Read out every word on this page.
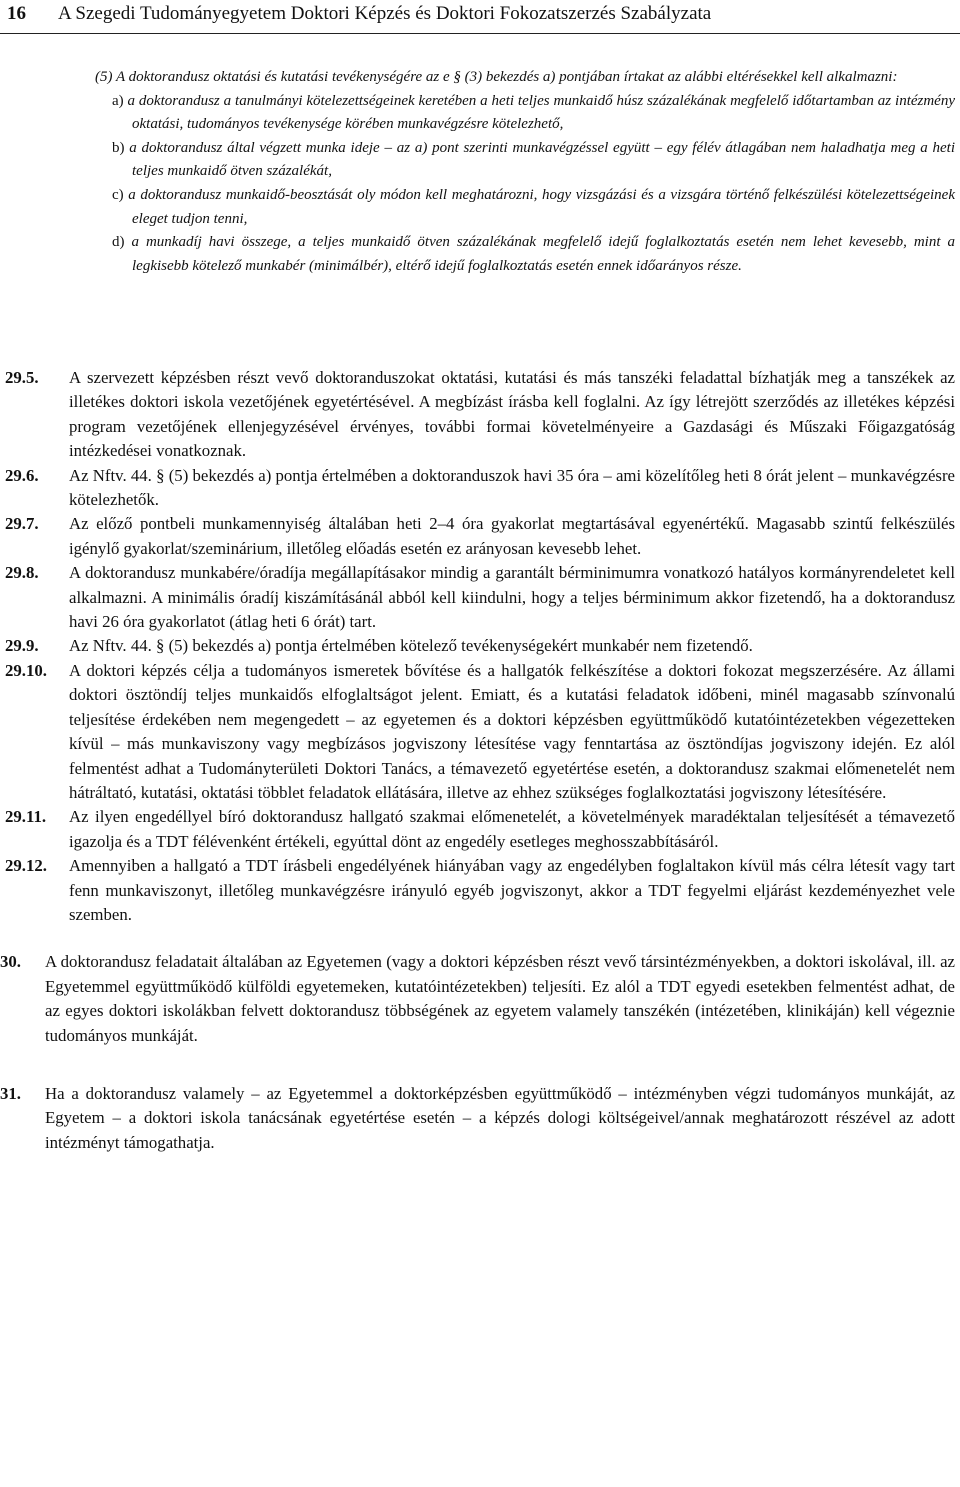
16 A Szegedi Tudományegyetem Doktori Képzés és Doktori Fokozatszerzés Szabályzata

(5) A doktorandusz oktatási és kutatási tevékenységére az e § (3) bekezdés a) pontjában írtakat az alábbi eltérésekkel kell alkalmazni:

a) a doktorandusz a tanulmányi kötelezettségeinek keretében a heti teljes munkaidő húsz százalékának megfelelő időtartamban az intézmény oktatási, tudományos tevékenysége körében munkavégzésre kötelezhető,

b) a doktorandusz által végzett munka ideje – az a) pont szerinti munkavégzéssel együtt – egy félév átlagában nem haladhatja meg a heti teljes munkaidő ötven százalékát,

c) a doktorandusz munkaidő-beosztását oly módon kell meghatározni, hogy vizsgázási és a vizsgára történő felkészülési kötelezettségeinek eleget tudjon tenni,

d) a munkadíj havi összege, a teljes munkaidő ötven százalékának megfelelő idejű foglalkoztatás esetén nem lehet kevesebb, mint a legkisebb kötelező munkabér (minimálbér), eltérő idejű foglalkoztatás esetén ennek időarányos része.

29.5. A szervezett képzésben részt vevő doktoranduszokat oktatási, kutatási és más tanszéki feladattal bízhatják meg a tanszékek az illetékes doktori iskola vezetőjének egyetértésével. A megbízást írásba kell foglalni. Az így létrejött szerződés az illetékes képzési program vezetőjének ellenjegyzésével érvényes, további formai követelményeire a Gazdasági és Műszaki Főigazgatóság intézkedései vonatkoznak.
29.6. Az Nftv. 44. § (5) bekezdés a) pontja értelmében a doktoranduszok havi 35 óra – ami közelítőleg heti 8 órát jelent – munkavégzésre kötelezhetők.
29.7. Az előző pontbeli munkamennyiség általában heti 2–4 óra gyakorlat megtartásával egyenértékű. Magasabb szintű felkészülés igénylő gyakorlat/szeminárium, illetőleg előadás esetén ez arányosan kevesebb lehet.
29.8. A doktorandusz munkabére/óradíja megállapításakor mindig a garantált bérminimumra vonatkozó hatályos kormányrendeletet kell alkalmazni. A minimális óradíj kiszámításánál abból kell kiindulni, hogy a teljes bérminimum akkor fizetendő, ha a doktorandusz havi 26 óra gyakorlatot (átlag heti 6 órát) tart.
29.9. Az Nftv. 44. § (5) bekezdés a) pontja értelmében kötelező tevékenységekért munkabér nem fizetendő.
29.10. A doktori képzés célja a tudományos ismeretek bővítése és a hallgatók felkészítése a doktori fokozat megszerzésére. Az állami doktori ösztöndíj teljes munkaidős elfoglaltságot jelent. Emiatt, és a kutatási feladatok időbeni, minél magasabb színvonalú teljesítése érdekében nem megengedett – az egyetemen és a doktori képzésben együttműködő kutatóintézetekben végezetteken kívül – más munkaviszony vagy megbízásos jogviszony létesítése vagy fenntartása az ösztöndíjas jogviszony idején. Ez alól felmentést adhat a Tudományterületi Doktori Tanács, a témavezető egyetértése esetén, a doktorandusz szakmai előmenetelét nem hátráltató, kutatási, oktatási többlet feladatok ellátására, illetve az ehhez szükséges foglalkoztatási jogviszony létesítésére.
29.11. Az ilyen engedéllyel bíró doktorandusz hallgató szakmai előmenetelét, a követelmények maradéktalan teljesítését a témavezető igazolja és a TDT félévenként értékeli, egyúttal dönt az engedély esetleges meghosszabbításáról.
29.12. Amennyiben a hallgató a TDT írásbeli engedélyének hiányában vagy az engedélyben foglaltakon kívül más célra létesít vagy tart fenn munkaviszonyt, illetőleg munkavégzésre irányuló egyéb jogviszonyt, akkor a TDT fegyelmi eljárást kezdeményezhet vele szemben.
30. A doktorandusz feladatait általában az Egyetemen (vagy a doktori képzésben részt vevő társintézményekben, a doktori iskolával, ill. az Egyetemmel együttműködő külföldi egyetemeken, kutatóintézetekben) teljesíti. Ez alól a TDT egyedi esetekben felmentést adhat, de az egyes doktori iskolákban felvett doktorandusz többségének az egyetem valamely tanszékén (intézetében, klinikáján) kell végeznie tudományos munkáját.
31. Ha a doktorandusz valamely – az Egyetemmel a doktorképzésben együttműködő – intézményben végzi tudományos munkáját, az Egyetem – a doktori iskola tanácsának egyetértése esetén – a képzés dologi költségeivel/annak meghatározott részével az adott intézményt támogathatja.
